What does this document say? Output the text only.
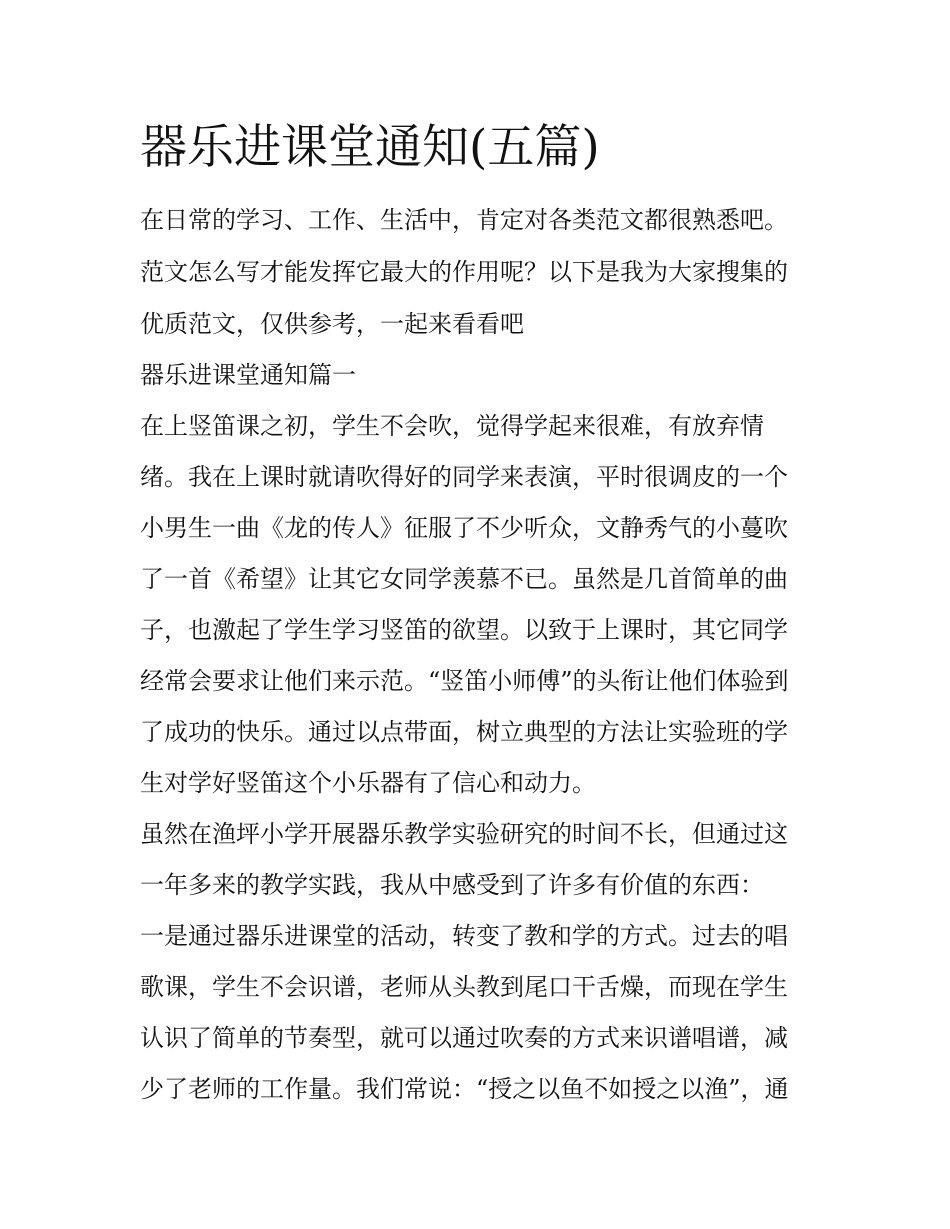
器乐进课堂通知(五篇)
在日常的学习、工作、生活中，肯定对各类范文都很熟悉吧。
范文怎么写才能发挥它最大的作用呢？以下是我为大家搜集的
优质范文，仅供参考，一起来看看吧
器乐进课堂通知篇一
在上竖笛课之初，学生不会吹，觉得学起来很难，有放弃情
绪。我在上课时就请吹得好的同学来表演，平时很调皮的一个
小男生一曲《龙的传人》征服了不少听众，文静秀气的小蔓吹
了一首《希望》让其它女同学羡慕不已。虽然是几首简单的曲
子，也激起了学生学习竖笛的欲望。以致于上课时，其它同学
经常会要求让他们来示范。“竖笛小师傅”的头衔让他们体验到
了成功的快乐。通过以点带面，树立典型的方法让实验班的学
生对学好竖笛这个小乐器有了信心和动力。
虽然在渔坪小学开展器乐教学实验研究的时间不长，但通过这
一年多来的教学实践，我从中感受到了许多有价值的东西：
一是通过器乐进课堂的活动，转变了教和学的方式。过去的唱
歌课，学生不会识谱，老师从头教到尾口干舌燥，而现在学生
认识了简单的节奏型，就可以通过吹奏的方式来识谱唱谱，减
少了老师的工作量。我们常说：“授之以鱼不如授之以渔”，通
